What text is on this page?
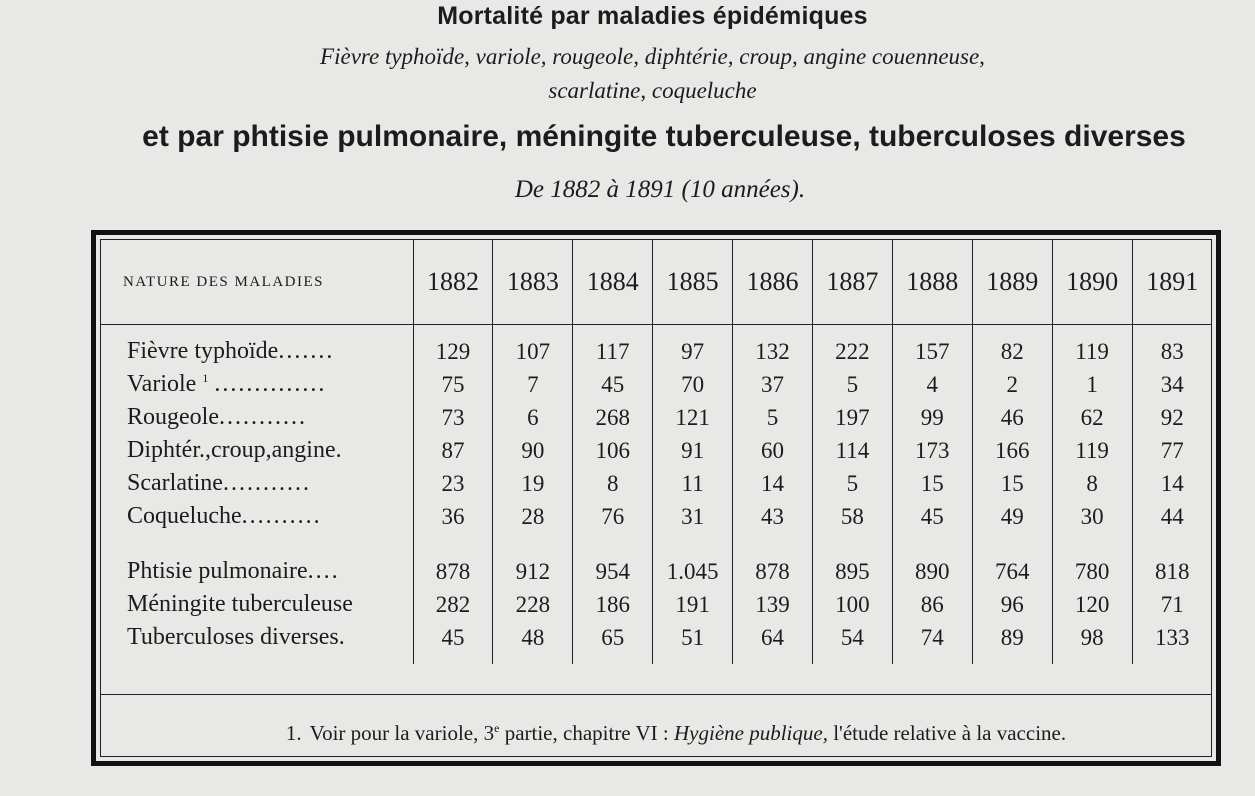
Mortalité par maladies épidémiques
Fièvre typhoïde, variole, rougeole, diphtérie, croup, angine couenneuse,
scarlatine, coqueluche
et par phtisie pulmonaire, méningite tuberculeuse, tuberculoses diverses
De 1882 à 1891 (10 années).
NATURE DES MALADIES	1882	1883	1884	1885	1886	1887	1888	1889	1890	1891

Fièvre typhoïde.......	129	107	117	97	132	222	157	82	119	83
Variole $^1$ ..............	75	7	45	70	37	5	4	2	1	34
Rougeole...........	73	6	268	121	5	197	99	46	62	92
Diphtér.,croup,angine.	87	90	106	91	60	114	173	166	119	77
Scarlatine...........	23	19	8	11	14	5	15	15	8	14
Coqueluche..........	36	28	76	31	43	58	45	49	30	44

Phtisie pulmonaire....	878	912	954	1.045	878	895	890	764	780	818
Méningite tuberculeuse	282	228	186	191	139	100	86	96	120	71
Tuberculoses diverses.	45	48	65	51	64	54	74	89	98	133

1. Voir pour la variole, 3e partie, chapitre VI : Hygiène publique, l'étude relative à la vaccine.
